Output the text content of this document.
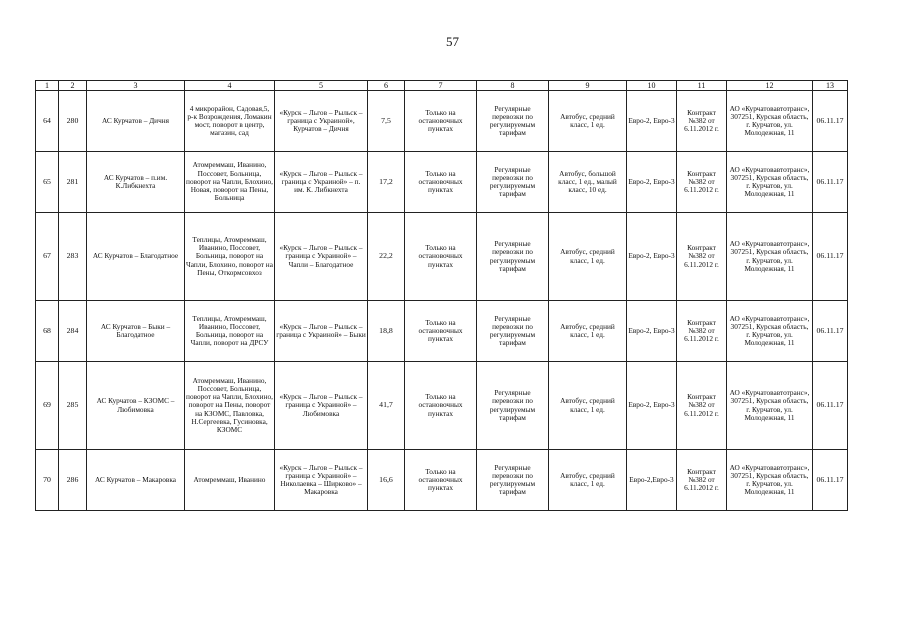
57
1	2	3	4	5	6	7	8	9	10	11	12	13
64	280	АС Курчатов – Дичня	4 микрорайон, Садовая,5, р-к Возрождения, Ломакин мост, поворот в центр, магазин, сад	«Курск – Льгов – Рыльск – граница с Украиной», Курчатов – Дичня	7,5	Только на остановочных пунктах	Регулярные перевозки по регулируемым тарифам	Автобус, средний класс, 1 ед.	Евро-2, Евро-3	Контракт №382 от 6.11.2012 г.	АО «Курчатовавтотранс», 307251, Курская область, г. Курчатов, ул. Молодежная, 11	06.11.17
65	281	АС Курчатов – п.им. К.Либкнехта	Атомреммаш, Иванино, Поссовет, Больница, поворот на Чапли, Блохино, Новая, поворот на Пены, Больница	«Курск – Льгов – Рыльск – граница с Украиной» – п. им. К. Либкнехта	17,2	Только на остановочных пунктах	Регулярные перевозки по регулируемым тарифам	Автобус, большой класс, 1 ед., малый класс, 10 ед.	Евро-2, Евро-3	Контракт №382 от 6.11.2012 г.	АО «Курчатовавтотранс», 307251, Курская область, г. Курчатов, ул. Молодежная, 11	06.11.17
67	283	АС Курчатов – Благодатное	Теплицы, Атомреммаш, Иванино, Поссовет, Больница, поворот на Чапли, Блохино, поворот на Пены, Откормсовхоз	«Курск – Льгов – Рыльск – граница с Украиной» – Чапли – Благодатное	22,2	Только на остановочных пунктах	Регулярные перевозки по регулируемым тарифам	Автобус, средний класс, 1 ед.	Евро-2, Евро-3	Контракт №382 от 6.11.2012 г.	АО «Курчатовавтотранс», 307251, Курская область, г. Курчатов, ул. Молодежная, 11	06.11.17
68	284	АС Курчатов – Быки – Благодатное	Теплицы, Атомреммаш, Иванино, Поссовет, Больница, поворот на Чапли, поворот на ДРСУ	«Курск – Льгов – Рыльск – граница с Украиной» – Быки	18,8	Только на остановочных пунктах	Регулярные перевозки по регулируемым тарифам	Автобус, средний класс, 1 ед.	Евро-2, Евро-3	Контракт №382 от 6.11.2012 г.	АО «Курчатовавтотранс», 307251, Курская область, г. Курчатов, ул. Молодежная, 11	06.11.17
69	285	АС Курчатов – КЗОМС – Любимовка	Атомреммаш, Иванино, Поссовет, Больница, поворот на Чапли, Блохино, поворот на Пены, поворот на КЗОМС, Павловка, Н.Сергеевка, Гусиновка, КЗОМС	«Курск – Льгов – Рыльск – граница с Украиной» – Любимовка	41,7	Только на остановочных пунктах	Регулярные перевозки по регулируемым тарифам	Автобус, средний класс, 1 ед.	Евро-2, Евро-3	Контракт №382 от 6.11.2012 г.	АО «Курчатовавтотранс», 307251, Курская область, г. Курчатов, ул. Молодежная, 11	06.11.17
70	286	АС Курчатов – Макаровка	Атомреммаш, Иванино	«Курск – Льгов – Рыльск – граница с Украиной» – Николаевка – Ширково» – Макаровка	16,6	Только на остановочных пунктах	Регулярные перевозки по регулируемым тарифам	Автобус, средний класс, 1 ед.	Евро-2,Евро-3	Контракт №382 от 6.11.2012 г.	АО «Курчатовавтотранс», 307251, Курская область, г. Курчатов, ул. Молодежная, 11	06.11.17
